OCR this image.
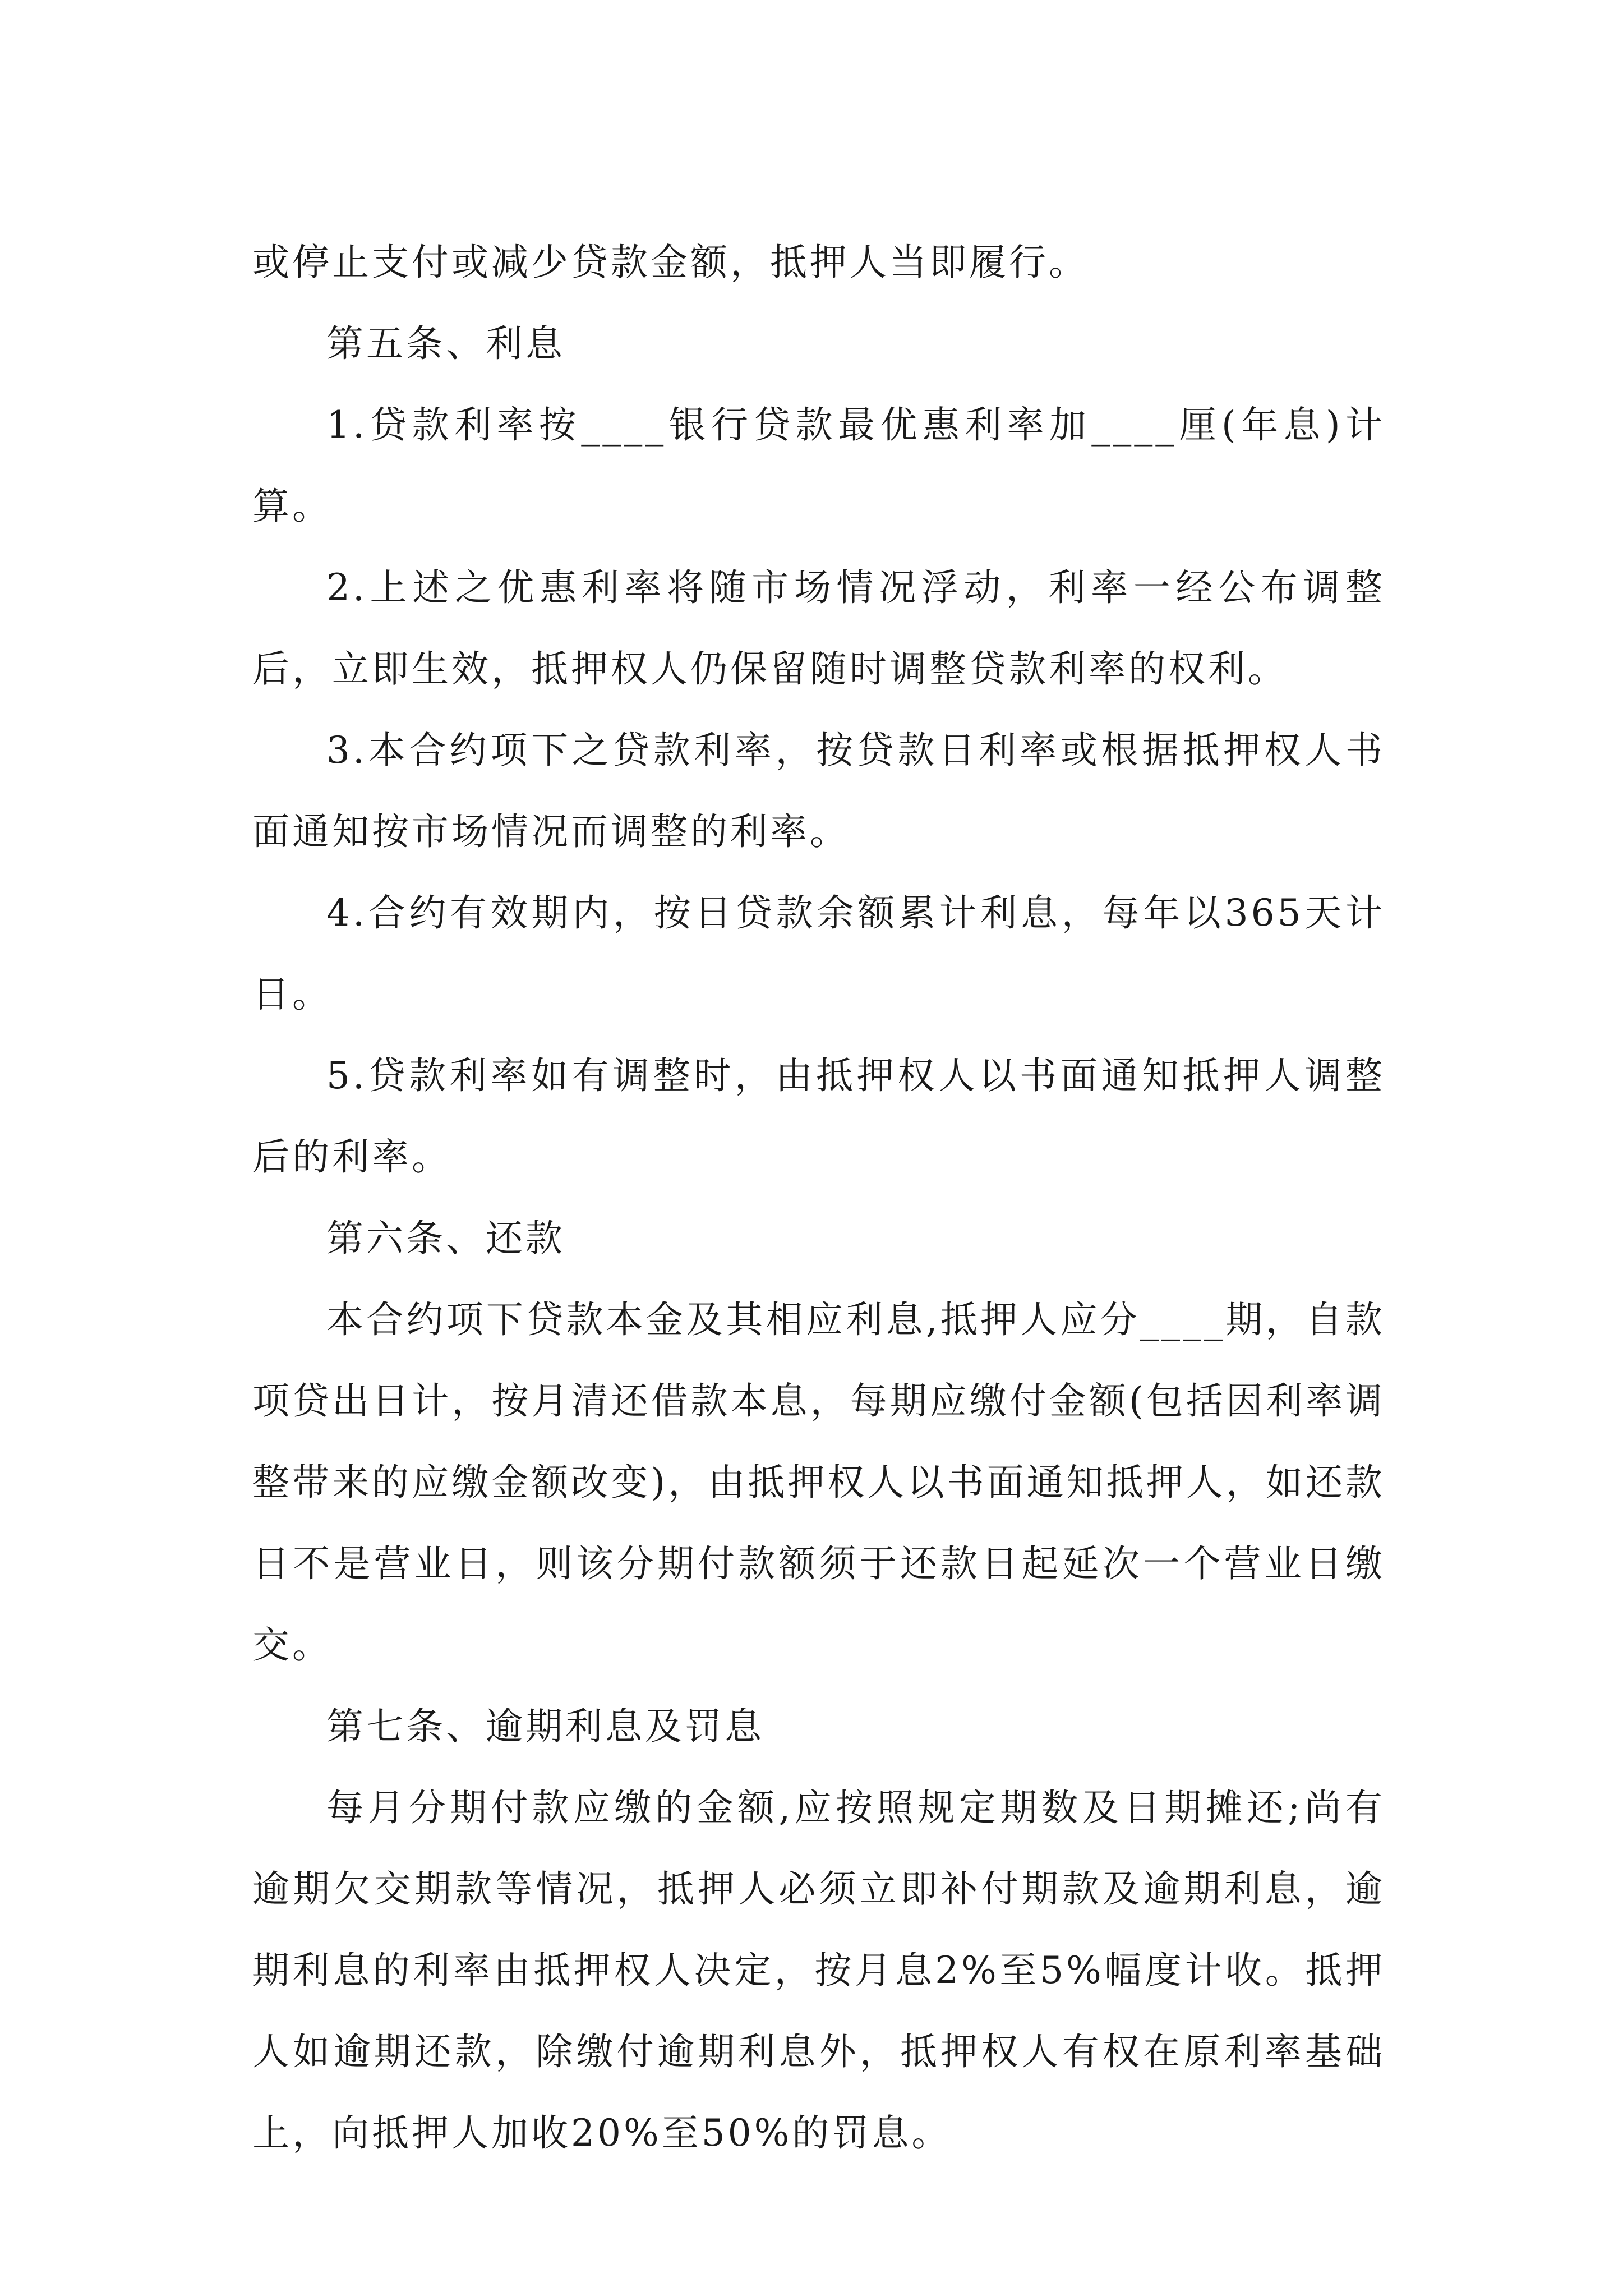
或停止支付或减少贷款金额，抵押人当即履行。

第五条、利息

1.贷款利率按____银行贷款最优惠利率加____厘(年息)计算。

2.上述之优惠利率将随市场情况浮动，利率一经公布调整后，立即生效，抵押权人仍保留随时调整贷款利率的权利。

3.本合约项下之贷款利率，按贷款日利率或根据抵押权人书面通知按市场情况而调整的利率。

4.合约有效期内，按日贷款余额累计利息，每年以365天计日。

5.贷款利率如有调整时，由抵押权人以书面通知抵押人调整后的利率。

第六条、还款

本合约项下贷款本金及其相应利息,抵押人应分____期，自款项贷出日计，按月清还借款本息，每期应缴付金额(包括因利率调整带来的应缴金额改变)，由抵押权人以书面通知抵押人，如还款日不是营业日，则该分期付款额须于还款日起延次一个营业日缴交。

第七条、逾期利息及罚息

每月分期付款应缴的金额,应按照规定期数及日期摊还;尚有逾期欠交期款等情况，抵押人必须立即补付期款及逾期利息，逾期利息的利率由抵押权人决定，按月息2%至5%幅度计收。抵押人如逾期还款，除缴付逾期利息外，抵押权人有权在原利率基础上，向抵押人加收20%至50%的罚息。
